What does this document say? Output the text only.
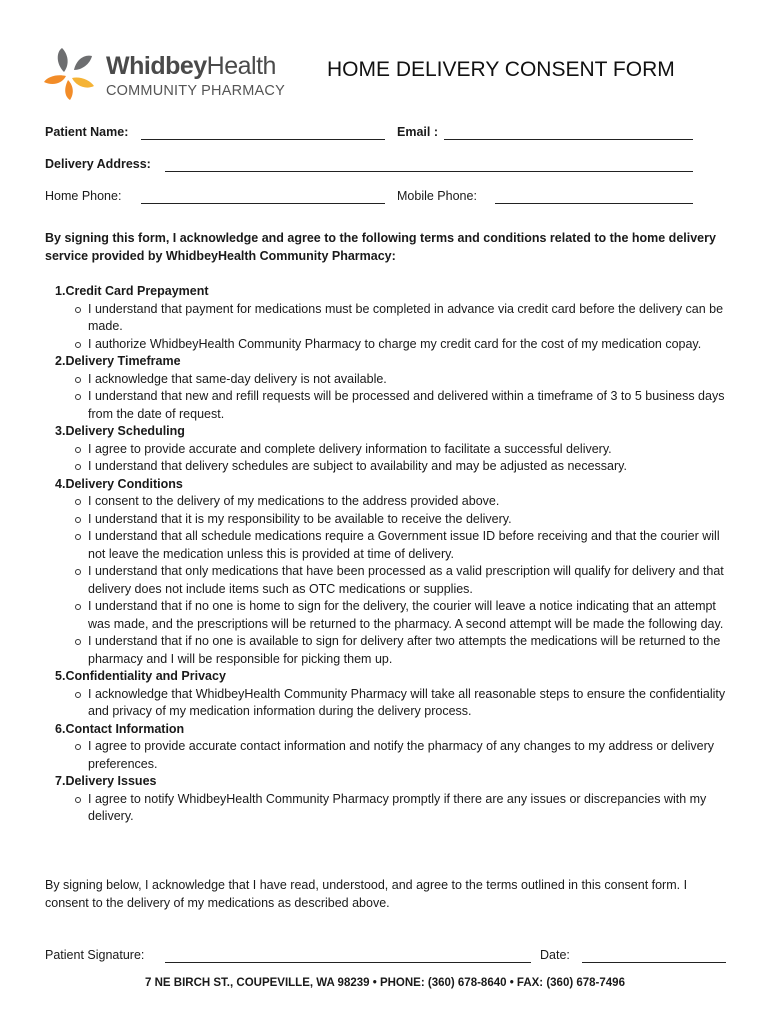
WhidbeyHealth
COMMUNITY PHARMACY
HOME DELIVERY CONSENT FORM
Patient Name:	Email :
Delivery Address:
Home Phone:	Mobile Phone:
By signing this form, I acknowledge and agree to the following terms and conditions related to the home delivery service provided by WhidbeyHealth Community Pharmacy:
1.Credit Card Prepayment
I understand that payment for medications must be completed in advance via credit card before the delivery can be made.
I authorize WhidbeyHealth Community Pharmacy to charge my credit card for the cost of my medication copay.
2.Delivery Timeframe
I acknowledge that same-day delivery is not available.
I understand that new and refill requests will be processed and delivered within a timeframe of 3 to 5 business days from the date of request.
3.Delivery Scheduling
I agree to provide accurate and complete delivery information to facilitate a successful delivery.
I understand that delivery schedules are subject to availability and may be adjusted as necessary.
4.Delivery Conditions
I consent to the delivery of my medications to the address provided above.
I understand that it is my responsibility to be available to receive the delivery.
I understand that all schedule medications require a Government issue ID before receiving and that the courier will not leave the medication unless this is provided at time of delivery.
I understand that only medications that have been processed as a valid prescription will qualify for delivery and that delivery does not include items such as OTC medications or supplies.
I understand that if no one is home to sign for the delivery, the courier will leave a notice indicating that an attempt was made, and the prescriptions will be returned to the pharmacy. A second attempt will be made the following day.
I understand that if no one is available to sign for delivery after two attempts the medications will be returned to the pharmacy and I will be responsible for picking them up.
5.Confidentiality and Privacy
I acknowledge that WhidbeyHealth Community Pharmacy will take all reasonable steps to ensure the confidentiality and privacy of my medication information during the delivery process.
6.Contact Information
I agree to provide accurate contact information and notify the pharmacy of any changes to my address or delivery preferences.
7.Delivery Issues
I agree to notify WhidbeyHealth Community Pharmacy promptly if there are any issues or discrepancies with my delivery.
By signing below, I acknowledge that I have read, understood, and agree to the terms outlined in this consent form. I consent to the delivery of my medications as described above.
Patient Signature:	Date:
7 NE BIRCH ST., COUPEVILLE, WA 98239 • PHONE: (360) 678-8640 • FAX: (360) 678-7496
